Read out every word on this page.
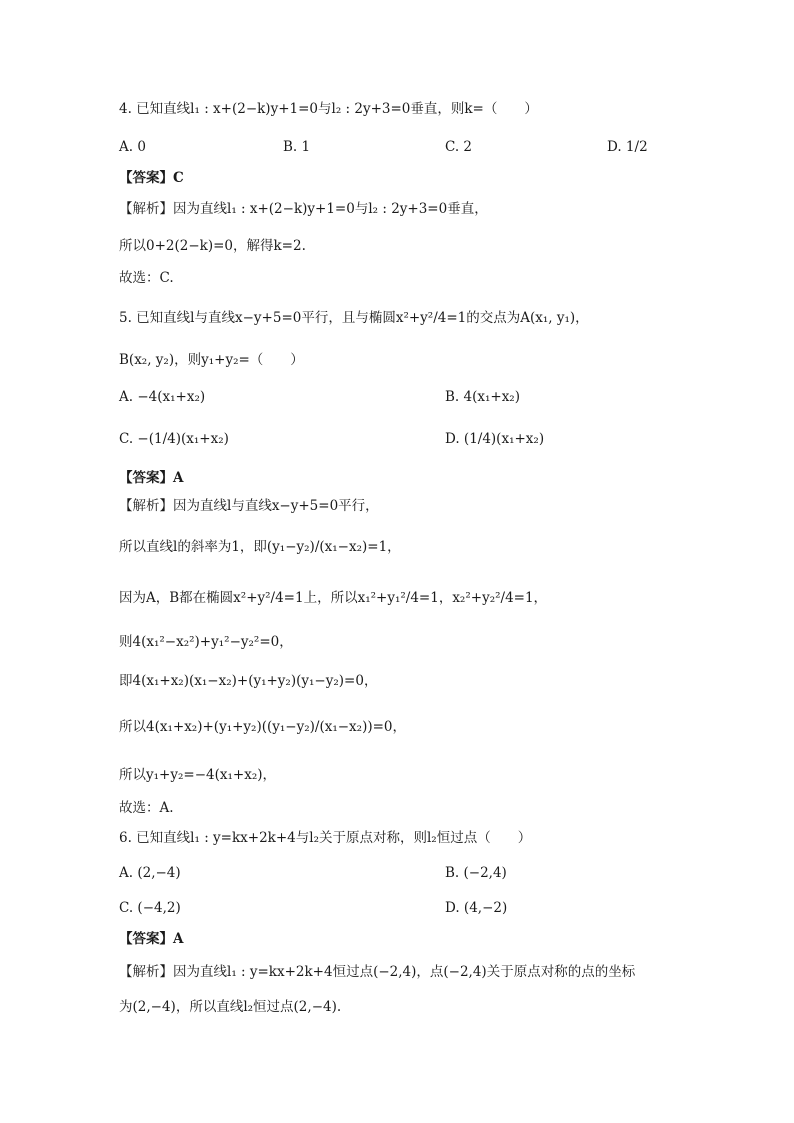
4. 已知直线l₁ : x+(2−k)y+1=0与l₂ : 2y+3=0垂直，则k=（　　）
A. 0	B. 1	C. 2	D. 1/2
【答案】C
【解析】因为直线l₁ : x+(2−k)y+1=0与l₂ : 2y+3=0垂直，
所以0+2(2−k)=0，解得k=2.
故选：C.
5. 已知直线l与直线x−y+5=0平行，且与椭圆x²+y²/4=1的交点为A(x₁, y₁)，
B(x₂, y₂)，则y₁+y₂=（　　）
A. −4(x₁+x₂)	B. 4(x₁+x₂)
C. −(1/4)(x₁+x₂)	D. (1/4)(x₁+x₂)
【答案】A
【解析】因为直线l与直线x−y+5=0平行，
所以直线l的斜率为1，即(y₁−y₂)/(x₁−x₂)=1，
因为A，B都在椭圆x²+y²/4=1上，所以x₁²+y₁²/4=1，x₂²+y₂²/4=1，
则4(x₁²−x₂²)+y₁²−y₂²=0，
即4(x₁+x₂)(x₁−x₂)+(y₁+y₂)(y₁−y₂)=0，
所以4(x₁+x₂)+(y₁+y₂)((y₁−y₂)/(x₁−x₂))=0，
所以y₁+y₂=−4(x₁+x₂)，
故选：A.
6. 已知直线l₁ : y=kx+2k+4与l₂关于原点对称，则l₂恒过点（　　）
A. (2,−4)	B. (−2,4)
C. (−4,2)	D. (4,−2)
【答案】A
【解析】因为直线l₁ : y=kx+2k+4恒过点(−2,4)，点(−2,4)关于原点对称的点的坐标
为(2,−4)，所以直线l₂恒过点(2,−4).
